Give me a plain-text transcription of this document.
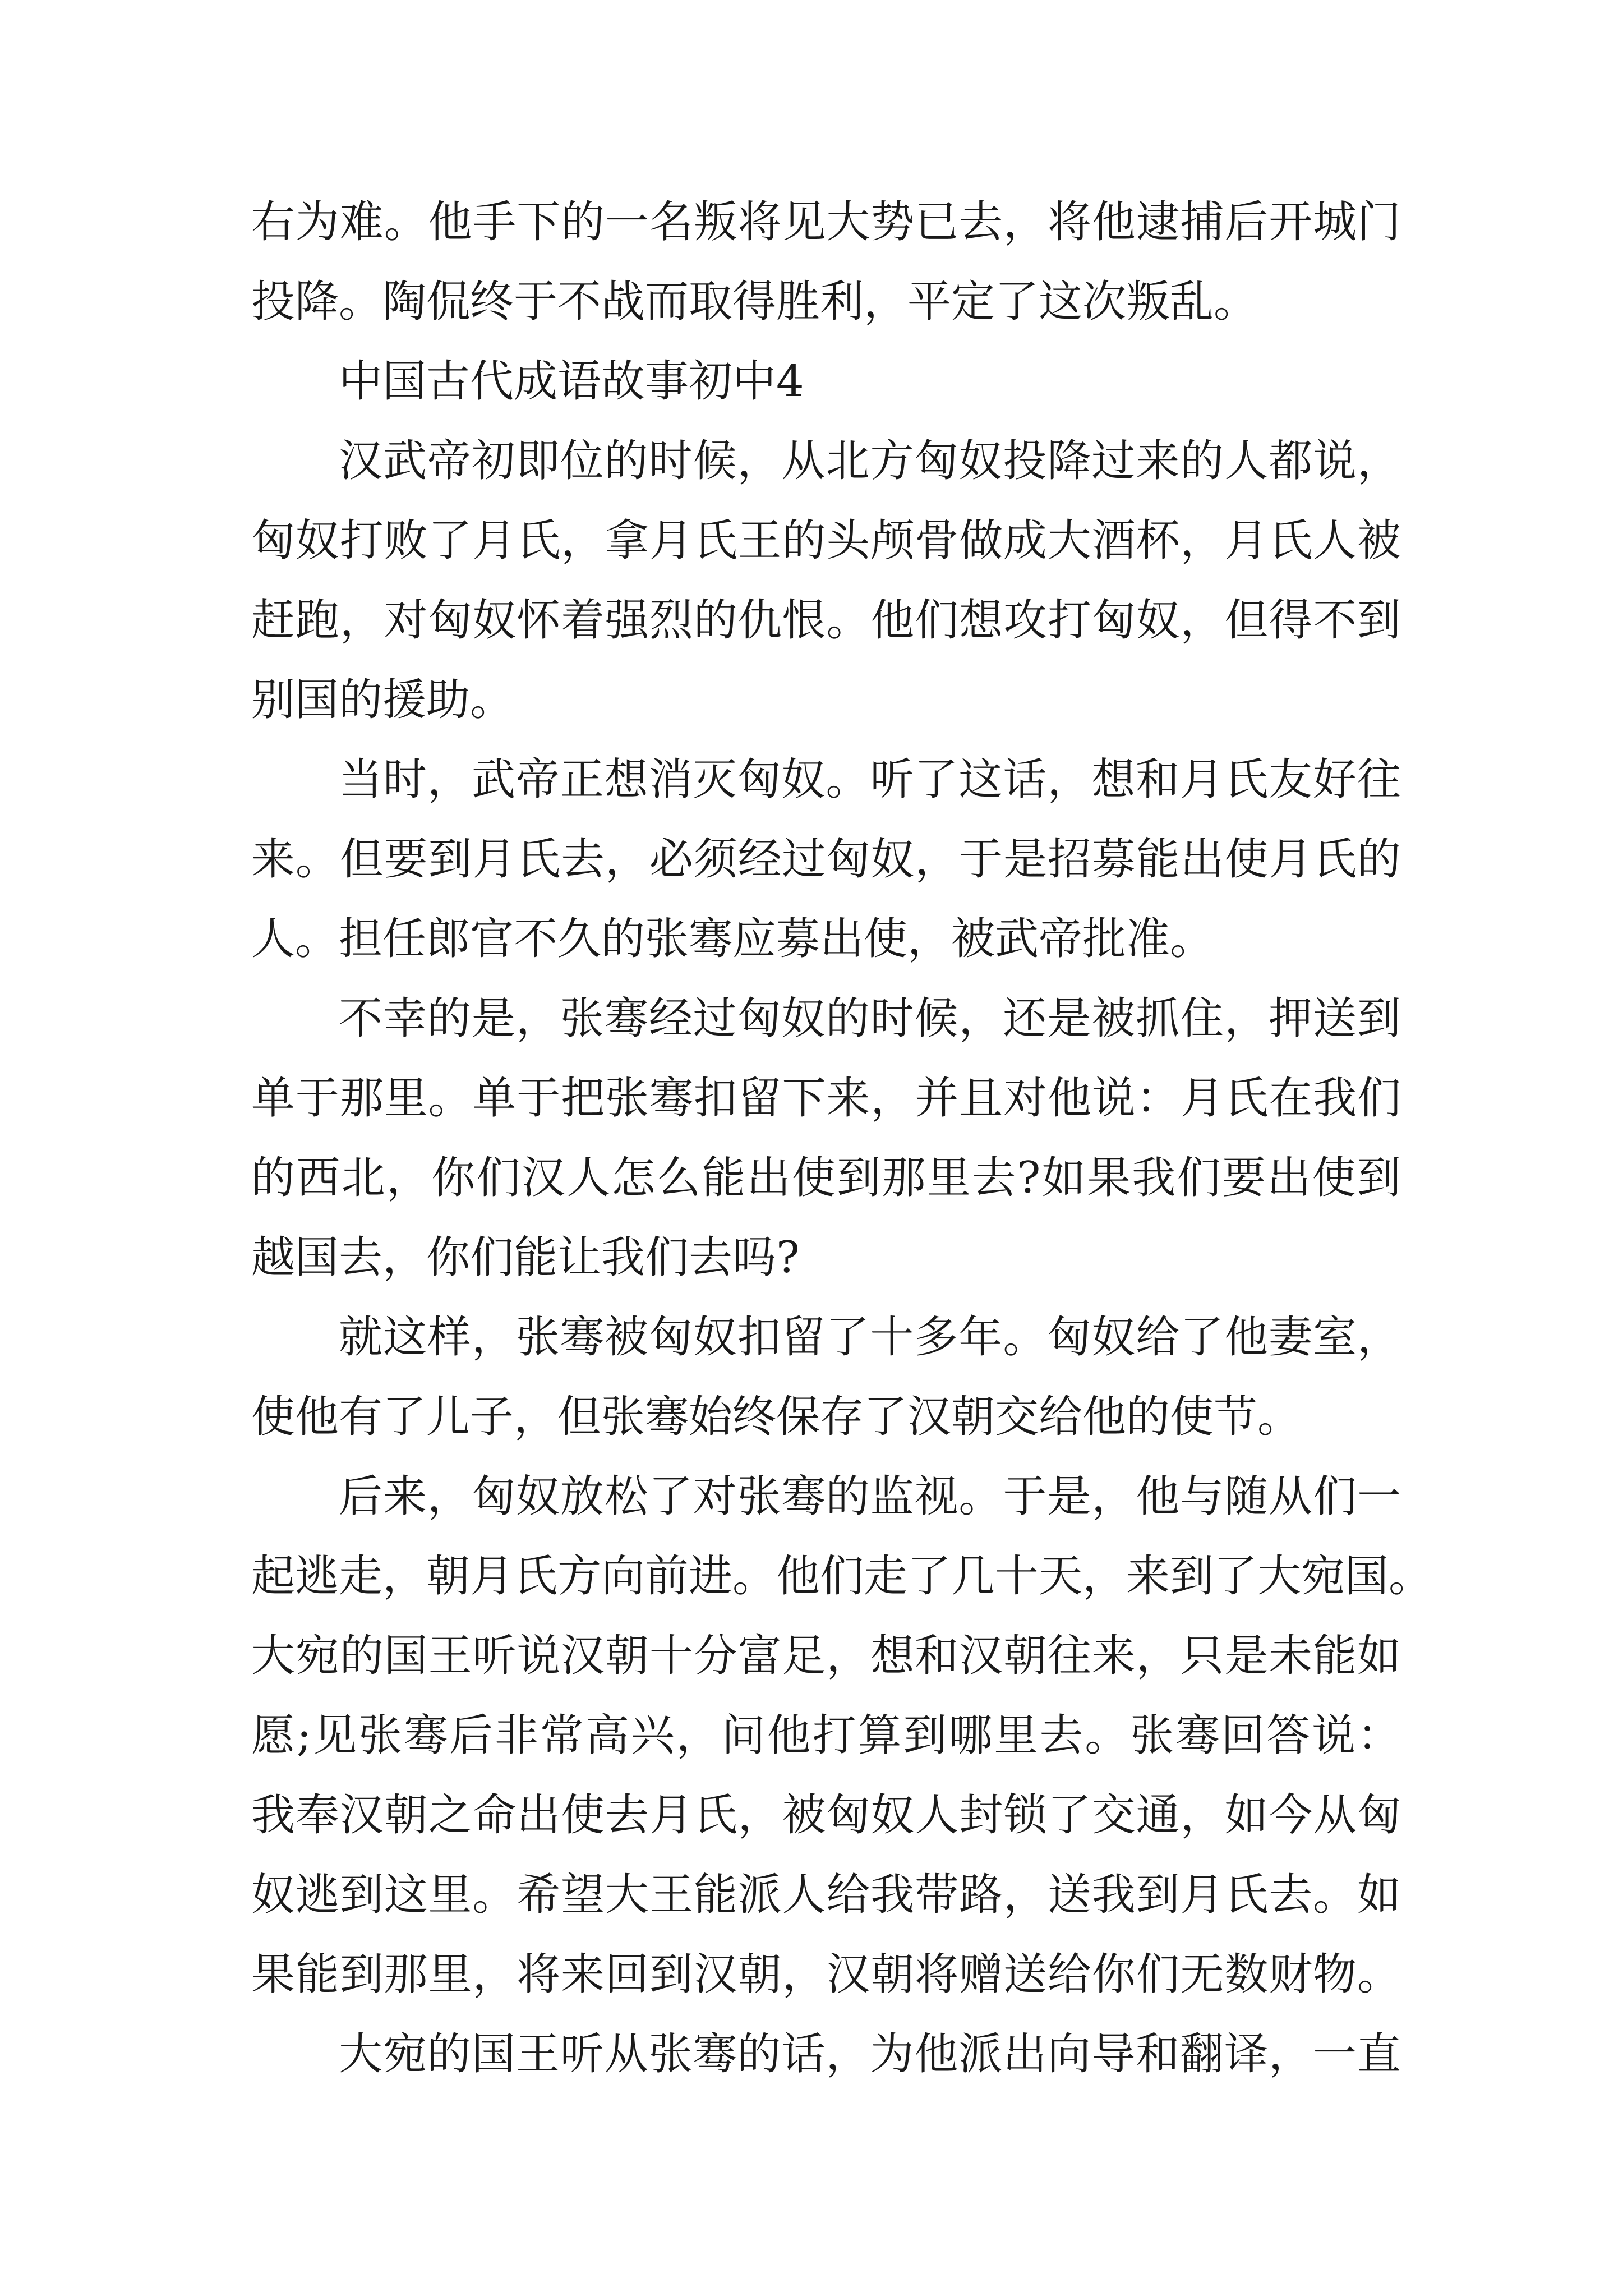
右为难。他手下的一名叛将见大势已去，将他逮捕后开城门
投降。陶侃终于不战而取得胜利，平定了这次叛乱。
中国古代成语故事初中4
汉武帝初即位的时候，从北方匈奴投降过来的人都说，
匈奴打败了月氏，拿月氏王的头颅骨做成大酒杯，月氏人被
赶跑，对匈奴怀着强烈的仇恨。他们想攻打匈奴，但得不到
别国的援助。
当时，武帝正想消灭匈奴。听了这话，想和月氏友好往
来。但要到月氏去，必须经过匈奴，于是招募能出使月氏的
人。担任郎官不久的张骞应募出使，被武帝批准。
不幸的是，张骞经过匈奴的时候，还是被抓住，押送到
单于那里。单于把张骞扣留下来，并且对他说：月氏在我们
的西北，你们汉人怎么能出使到那里去?如果我们要出使到
越国去，你们能让我们去吗?
就这样，张骞被匈奴扣留了十多年。匈奴给了他妻室，
使他有了儿子，但张骞始终保存了汉朝交给他的使节。
后来，匈奴放松了对张骞的监视。于是，他与随从们一
起逃走，朝月氏方向前进。他们走了几十天，来到了大宛国。
大宛的国王听说汉朝十分富足，想和汉朝往来，只是未能如
愿;见张骞后非常高兴，问他打算到哪里去。张骞回答说：
我奉汉朝之命出使去月氏，被匈奴人封锁了交通，如今从匈
奴逃到这里。希望大王能派人给我带路，送我到月氏去。如
果能到那里，将来回到汉朝，汉朝将赠送给你们无数财物。
大宛的国王听从张骞的话，为他派出向导和翻译，一直
